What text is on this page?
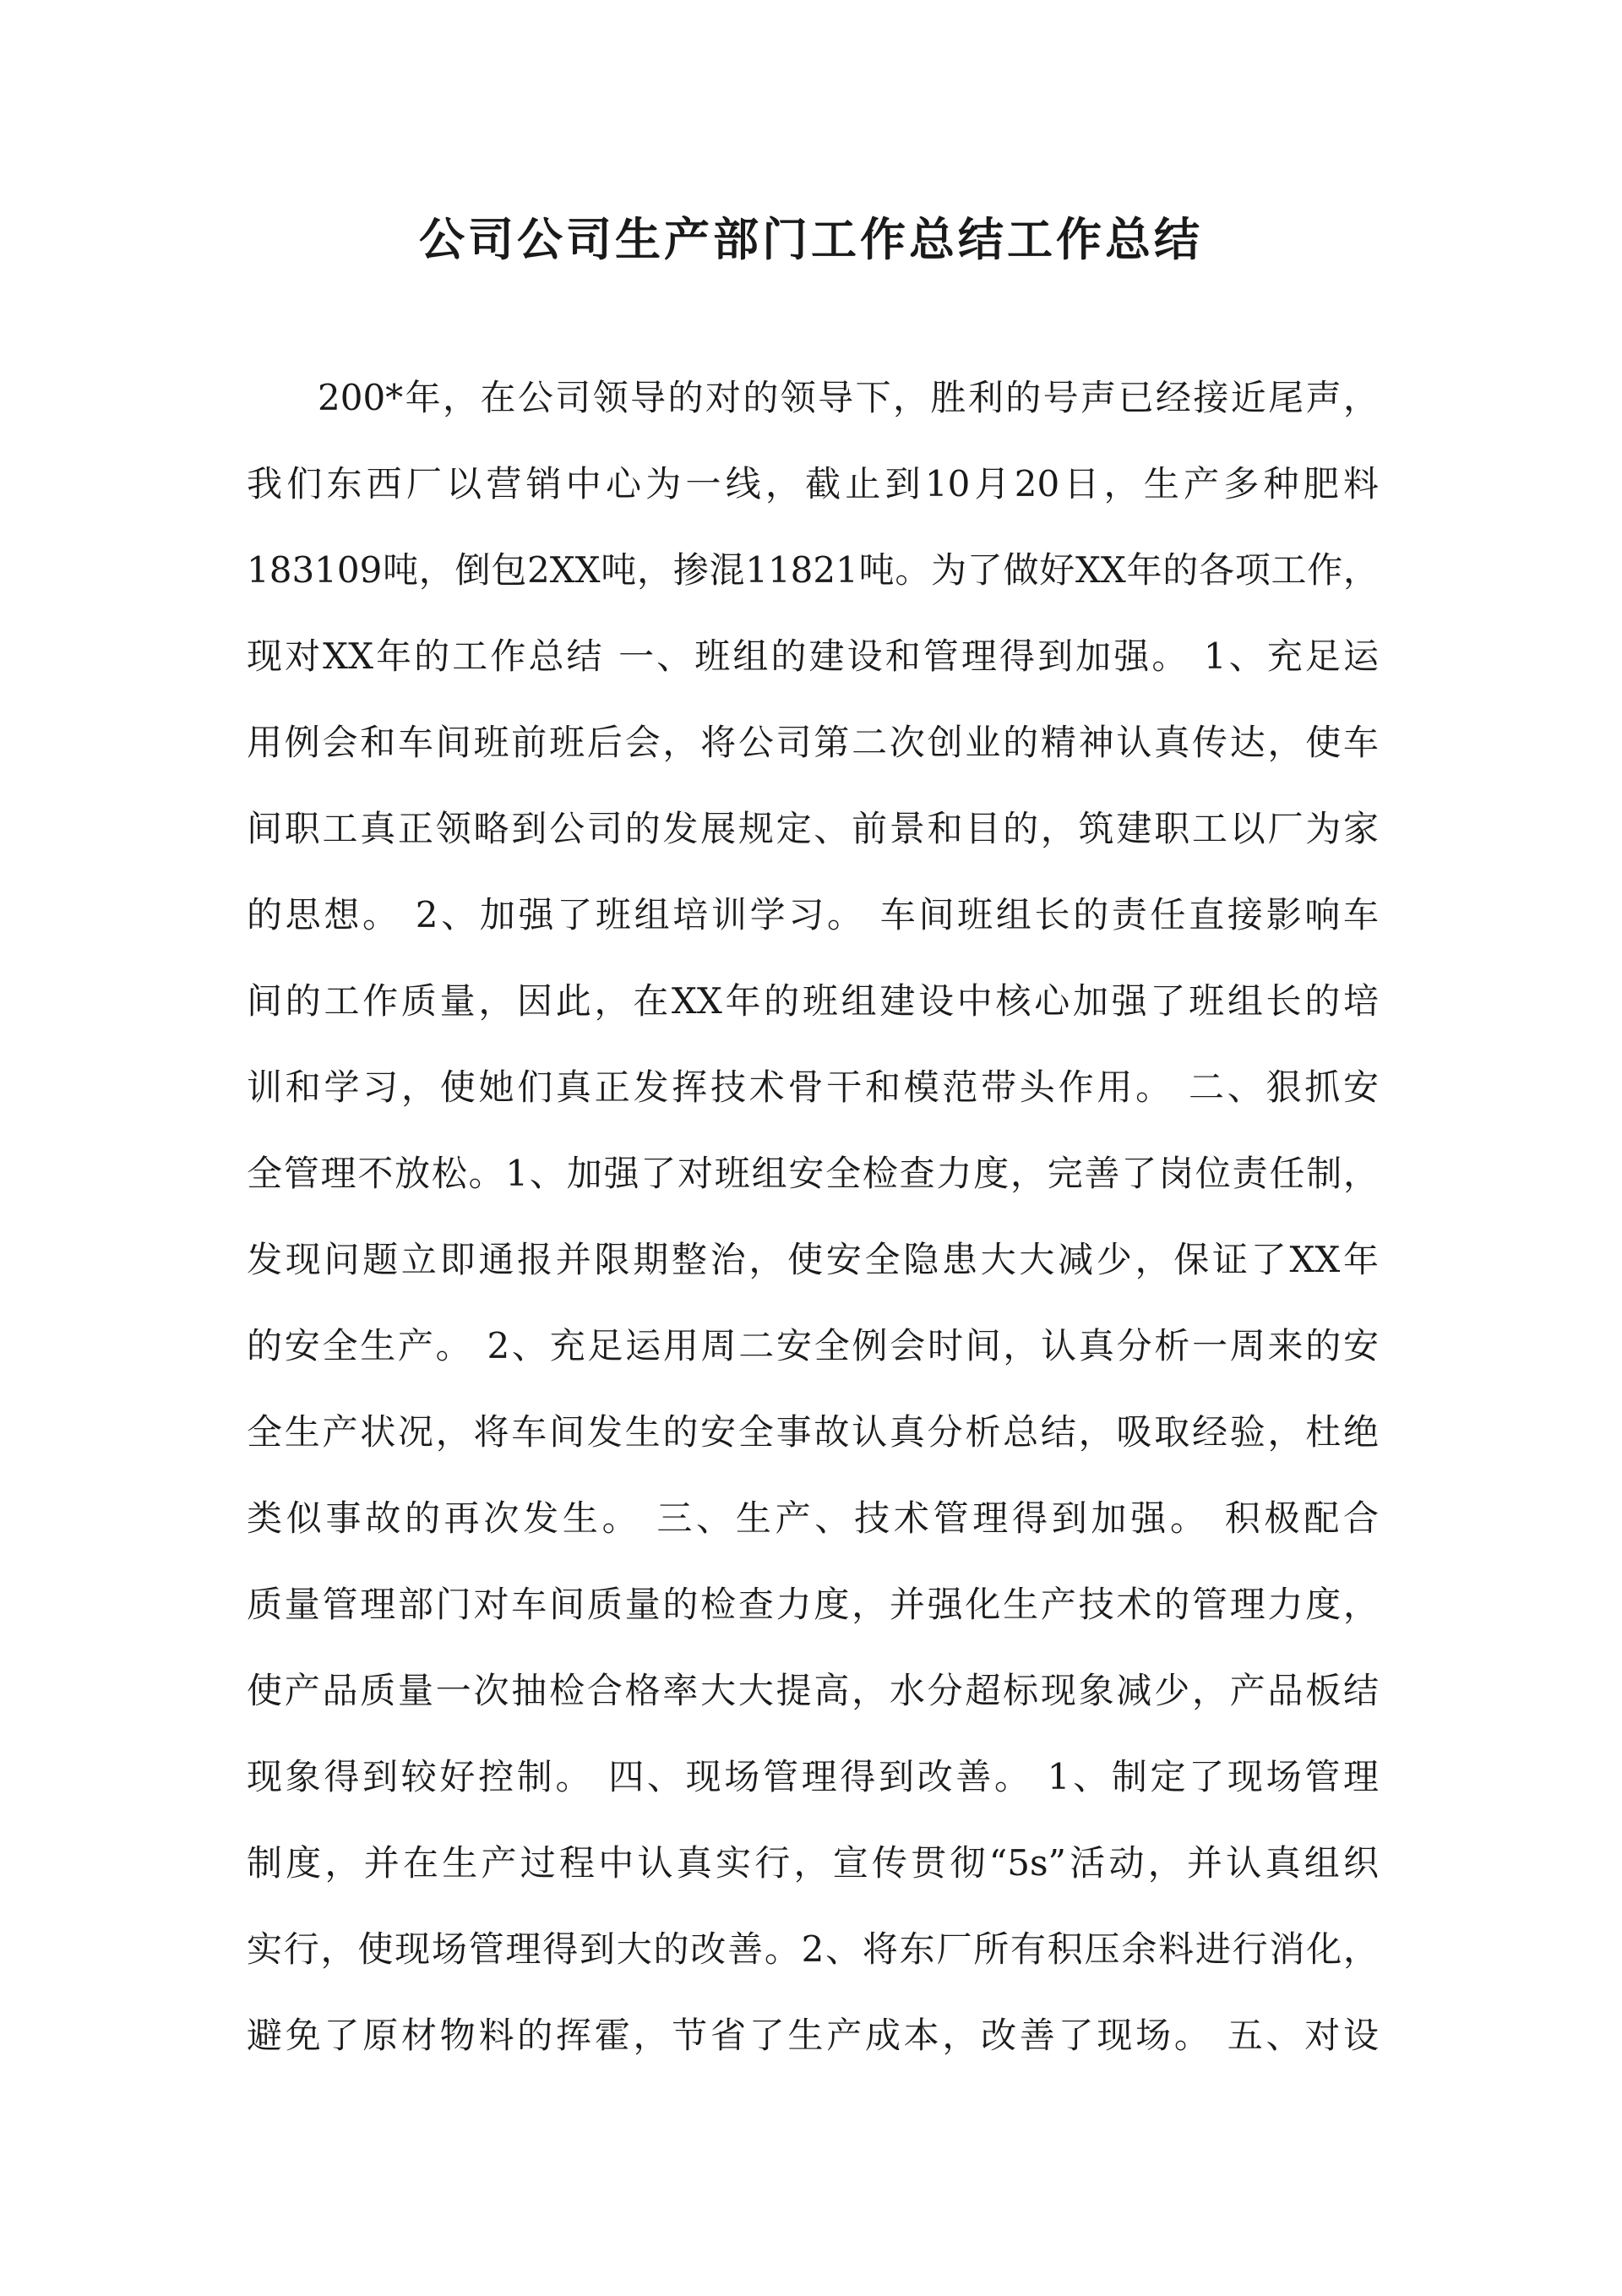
公司公司生产部门工作总结工作总结
200*年，在公司领导的对的领导下，胜利的号声已经接近尾声，
我们东西厂以营销中心为一线，截止到10月20日，生产多种肥料
183109吨，倒包2XX吨，掺混11821吨。为了做好XX年的各项工作，
现对XX年的工作总结 一、班组的建设和管理得到加强。 1、充足运
用例会和车间班前班后会，将公司第二次创业的精神认真传达，使车
间职工真正领略到公司的发展规定、前景和目的，筑建职工以厂为家
的思想。 2、加强了班组培训学习。 车间班组长的责任直接影响车
间的工作质量，因此，在XX年的班组建设中核心加强了班组长的培
训和学习，使她们真正发挥技术骨干和模范带头作用。 二、狠抓安
全管理不放松。1、加强了对班组安全检查力度，完善了岗位责任制，
发现问题立即通报并限期整治，使安全隐患大大减少，保证了XX年
的安全生产。 2、充足运用周二安全例会时间，认真分析一周来的安
全生产状况，将车间发生的安全事故认真分析总结，吸取经验，杜绝
类似事故的再次发生。 三、生产、技术管理得到加强。 积极配合
质量管理部门对车间质量的检查力度，并强化生产技术的管理力度，
使产品质量一次抽检合格率大大提高，水分超标现象减少，产品板结
现象得到较好控制。 四、现场管理得到改善。 1、制定了现场管理
制度，并在生产过程中认真实行，宣传贯彻“5s”活动，并认真组织
实行，使现场管理得到大的改善。2、将东厂所有积压余料进行消化，
避免了原材物料的挥霍，节省了生产成本，改善了现场。 五、对设
